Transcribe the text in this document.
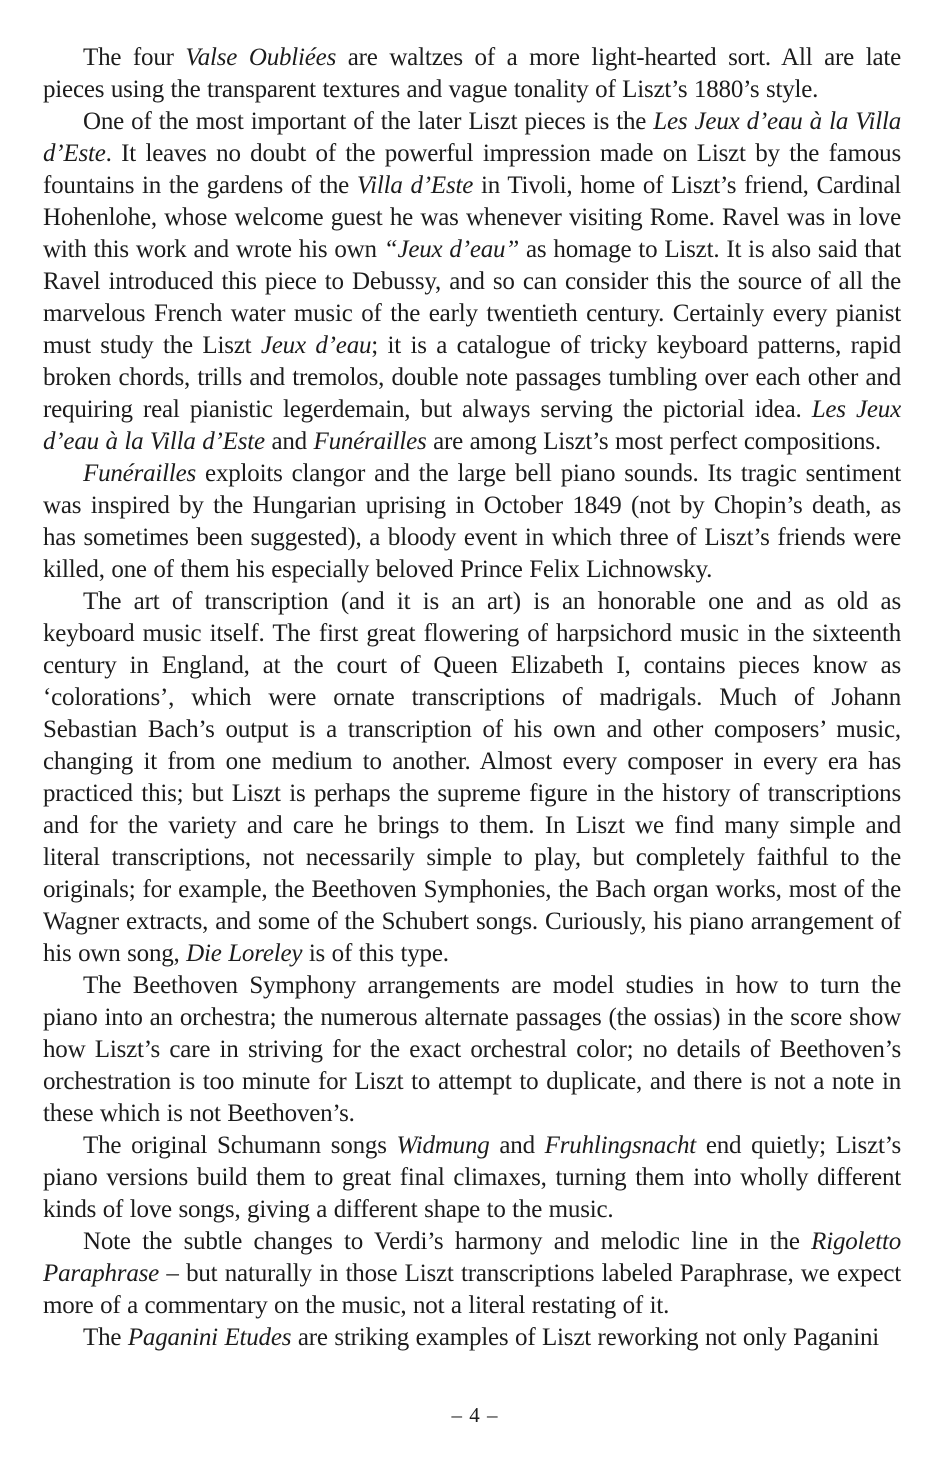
The four Valse Oubliées are waltzes of a more light-hearted sort. All are late pieces using the transparent textures and vague tonality of Liszt’s 1880’s style.

One of the most important of the later Liszt pieces is the Les Jeux d’eau à la Villa d’Este. It leaves no doubt of the powerful impression made on Liszt by the famous fountains in the gardens of the Villa d’Este in Tivoli, home of Liszt’s friend, Cardinal Hohenlohe, whose welcome guest he was whenever visiting Rome. Ravel was in love with this work and wrote his own “Jeux d’eau” as homage to Liszt. It is also said that Ravel introduced this piece to Debussy, and so can consider this the source of all the marvelous French water music of the early twentieth century. Certainly every pianist must study the Liszt Jeux d’eau; it is a catalogue of tricky keyboard patterns, rapid broken chords, trills and tremolos, double note passages tumbling over each other and requiring real pianistic legerdemain, but always serving the pictorial idea. Les Jeux d’eau à la Villa d’Este and Funérailles are among Liszt’s most perfect compositions.

Funérailles exploits clangor and the large bell piano sounds. Its tragic sentiment was inspired by the Hungarian uprising in October 1849 (not by Chopin’s death, as has sometimes been suggested), a bloody event in which three of Liszt’s friends were killed, one of them his especially beloved Prince Felix Lichnowsky.

The art of transcription (and it is an art) is an honorable one and as old as keyboard music itself. The first great flowering of harpsichord music in the sixteenth century in England, at the court of Queen Elizabeth I, contains pieces know as ‘colorations’, which were ornate transcriptions of madrigals. Much of Johann Sebastian Bach’s output is a transcription of his own and other composers’ music, changing it from one medium to another. Almost every composer in every era has practiced this; but Liszt is perhaps the supreme figure in the history of transcriptions and for the variety and care he brings to them. In Liszt we find many simple and literal transcriptions, not necessarily simple to play, but completely faithful to the originals; for example, the Beethoven Symphonies, the Bach organ works, most of the Wagner extracts, and some of the Schubert songs. Curiously, his piano arrangement of his own song, Die Loreley is of this type.

The Beethoven Symphony arrangements are model studies in how to turn the piano into an orchestra; the numerous alternate passages (the ossias) in the score show how Liszt’s care in striving for the exact orchestral color; no details of Beethoven’s orchestration is too minute for Liszt to attempt to duplicate, and there is not a note in these which is not Beethoven’s.

The original Schumann songs Widmung and Fruhlingsnacht end quietly; Liszt’s piano versions build them to great final climaxes, turning them into wholly different kinds of love songs, giving a different shape to the music.

Note the subtle changes to Verdi’s harmony and melodic line in the Rigoletto Paraphrase – but naturally in those Liszt transcriptions labeled Paraphrase, we expect more of a commentary on the music, not a literal restating of it.

The Paganini Etudes are striking examples of Liszt reworking not only Paganini

– 4 –
